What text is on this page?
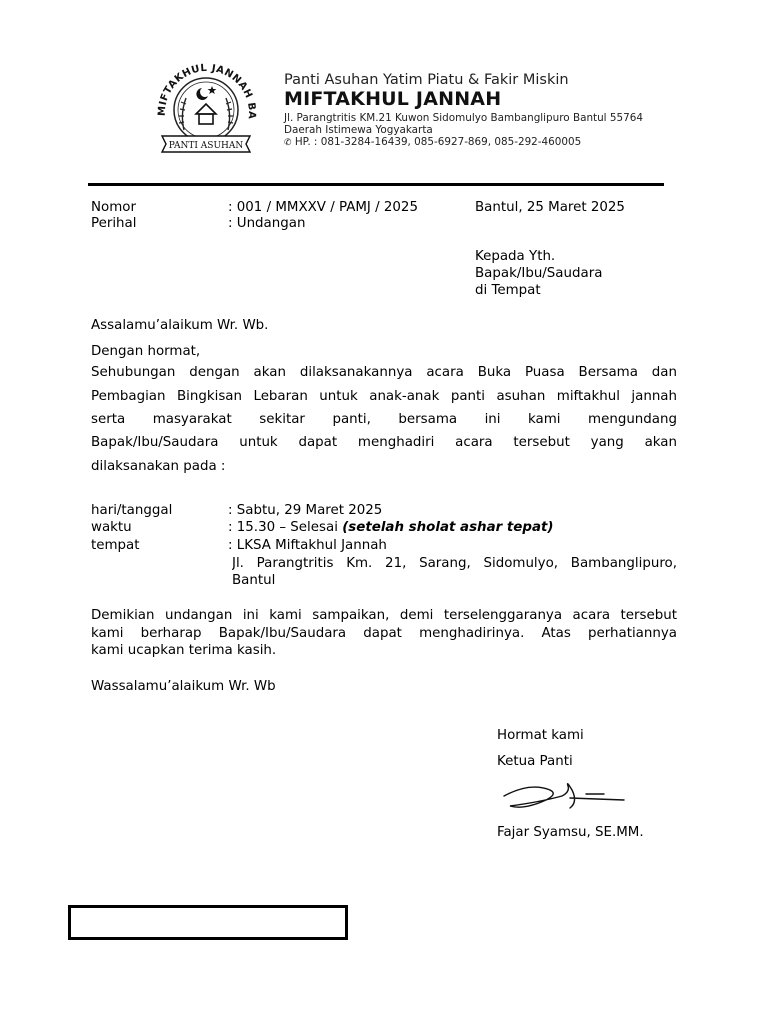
MIFTAKHUL JANNAH BA
PANTI ASUHAN
Panti Asuhan Yatim Piatu & Fakir Miskin
MIFTAKHUL JANNAH
Jl. Parangtritis KM.21 Kuwon Sidomulyo Bambanglipuro Bantul 55764
Daerah Istimewa Yogyakarta
✆ HP. : 081-3284-16439, 085-6927-869, 085-292-460005
Nomor	: 001 / MMXXV / PAMJ / 2025
Perihal	: Undangan
Bantul, 25 Maret 2025
Kepada Yth.
Bapak/Ibu/Saudara
di Tempat
Assalamu’alaikum Wr. Wb.
Dengan hormat,
Sehubungan dengan akan dilaksanakannya acara Buka Puasa Bersama dan
Pembagian Bingkisan Lebaran untuk anak-anak panti asuhan miftakhul jannah
serta masyarakat sekitar panti, bersama ini kami mengundang
Bapak/Ibu/Saudara untuk dapat menghadiri acara tersebut yang akan
dilaksanakan pada :
hari/tanggal	: Sabtu, 29 Maret 2025
waktu	: 15.30 – Selesai (setelah sholat ashar tepat)
tempat	: LKSA Miftakhul Jannah
Jl. Parangtritis Km. 21, Sarang, Sidomulyo, Bambanglipuro,
Bantul
Demikian undangan ini kami sampaikan, demi terselenggaranya acara tersebut
kami berharap Bapak/Ibu/Saudara dapat menghadirinya. Atas perhatiannya
kami ucapkan terima kasih.
Wassalamu’alaikum Wr. Wb
Hormat kami
Ketua Panti
Fajar Syamsu, SE.MM.
